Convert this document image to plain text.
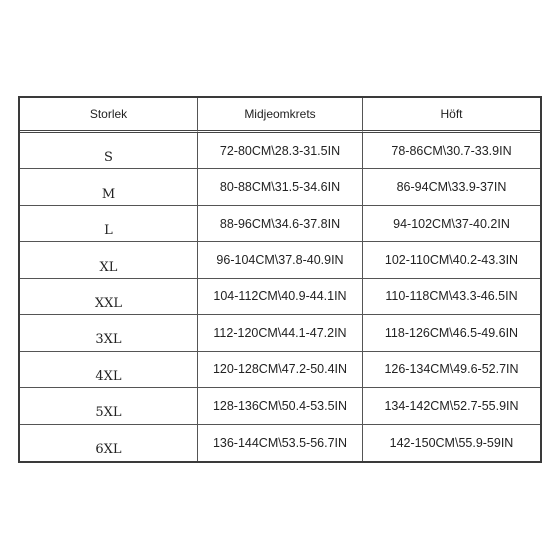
Storlek	Midjeomkrets	Höft
S	72-80CM\28.3-31.5IN	78-86CM\30.7-33.9IN
M	80-88CM\31.5-34.6IN	86-94CM\33.9-37IN
L	88-96CM\34.6-37.8IN	94-102CM\37-40.2IN
XL	96-104CM\37.8-40.9IN	102-110CM\40.2-43.3IN
XXL	104-112CM\40.9-44.1IN	110-118CM\43.3-46.5IN
3XL	112-120CM\44.1-47.2IN	118-126CM\46.5-49.6IN
4XL	120-128CM\47.2-50.4IN	126-134CM\49.6-52.7IN
5XL	128-136CM\50.4-53.5IN	134-142CM\52.7-55.9IN
6XL	136-144CM\53.5-56.7IN	142-150CM\55.9-59IN
